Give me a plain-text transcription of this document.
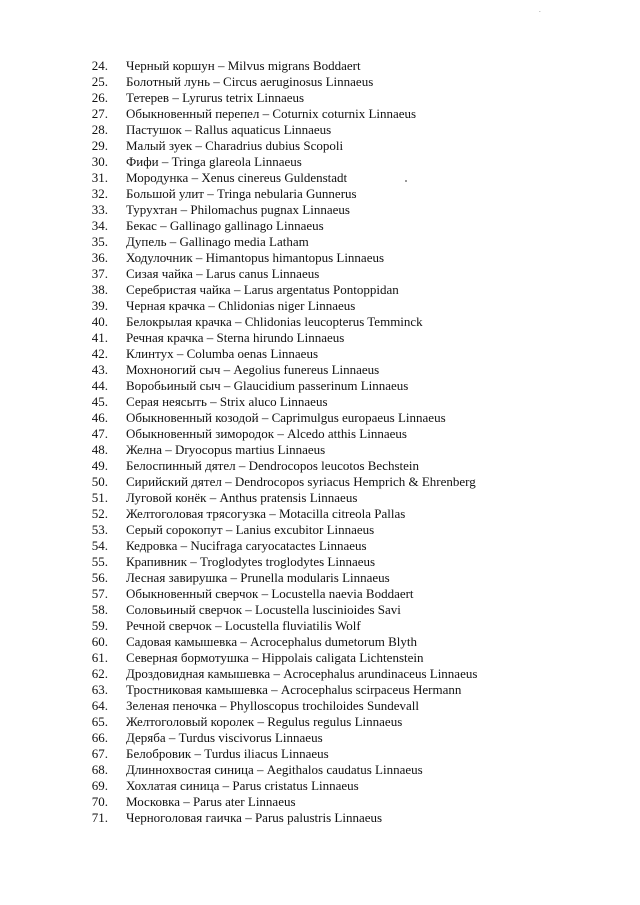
.
24. Черный коршун – Milvus migrans Boddaert
25. Болотный лунь – Circus aeruginosus Linnaeus
26. Тетерев – Lyrurus tetrix Linnaeus
27. Обыкновенный перепел – Coturnix coturnix Linnaeus
28. Пастушок – Rallus aquaticus Linnaeus
29. Малый зуек – Charadrius dubius Scopoli
30. Фифи – Tringa glareola Linnaeus
31. Мородунка – Xenus cinereus Guldenstadt
32. Большой улит – Tringa nebularia Gunnerus
33. Турухтан – Philomachus pugnax Linnaeus
34. Бекас – Gallinago gallinago Linnaeus
35. Дупель – Gallinago media Latham
36. Ходулочник – Himantopus himantopus Linnaeus
37. Сизая чайка – Larus canus Linnaeus
38. Серебристая чайка – Larus argentatus Pontoppidan
39. Черная крачка – Chlidonias niger Linnaeus
40. Белокрылая крачка – Chlidonias leucopterus Temminck
41. Речная крачка – Sterna hirundo Linnaeus
42. Клинтух – Columba oenas Linnaeus
43. Мохноногий сыч – Aegolius funereus Linnaeus
44. Воробьиный сыч – Glaucidium passerinum Linnaeus
45. Серая неясыть – Strix aluco Linnaeus
46. Обыкновенный козодой – Caprimulgus europaeus Linnaeus
47. Обыкновенный зимородок – Alcedo atthis Linnaeus
48. Желна – Dryocopus martius Linnaeus
49. Белоспинный дятел – Dendrocopos leucotos Bechstein
50. Сирийский дятел – Dendrocopos syriacus Hemprich & Ehrenberg
51. Луговой конёк – Anthus pratensis Linnaeus
52. Желтоголовая трясогузка – Motacilla citreola Pallas
53. Серый сорокопут – Lanius excubitor Linnaeus
54. Кедровка – Nucifraga caryocatactes Linnaeus
55. Крапивник – Troglodytes troglodytes Linnaeus
56. Лесная завирушка – Prunella modularis Linnaeus
57. Обыкновенный сверчок – Locustella naevia Boddaert
58. Соловьиный сверчок – Locustella luscinioides Savi
59. Речной сверчок – Locustella fluviatilis Wolf
60. Садовая камышевка – Acrocephalus dumetorum Blyth
61. Северная бормотушка – Hippolais caligata Lichtenstein
62. Дроздовидная камышевка – Acrocephalus arundinaceus Linnaeus
63. Тростниковая камышевка – Acrocephalus scirpaceus Hermann
64. Зеленая пеночка – Phylloscopus trochiloides Sundevall
65. Желтоголовый королек – Regulus regulus Linnaeus
66. Деряба – Turdus viscivorus Linnaeus
67. Белобровик – Turdus iliacus Linnaeus
68. Длиннохвостая синица – Aegithalos caudatus Linnaeus
69. Хохлатая синица – Parus cristatus Linnaeus
70. Московка – Parus ater Linnaeus
71. Черноголовая гаичка – Parus palustris Linnaeus
